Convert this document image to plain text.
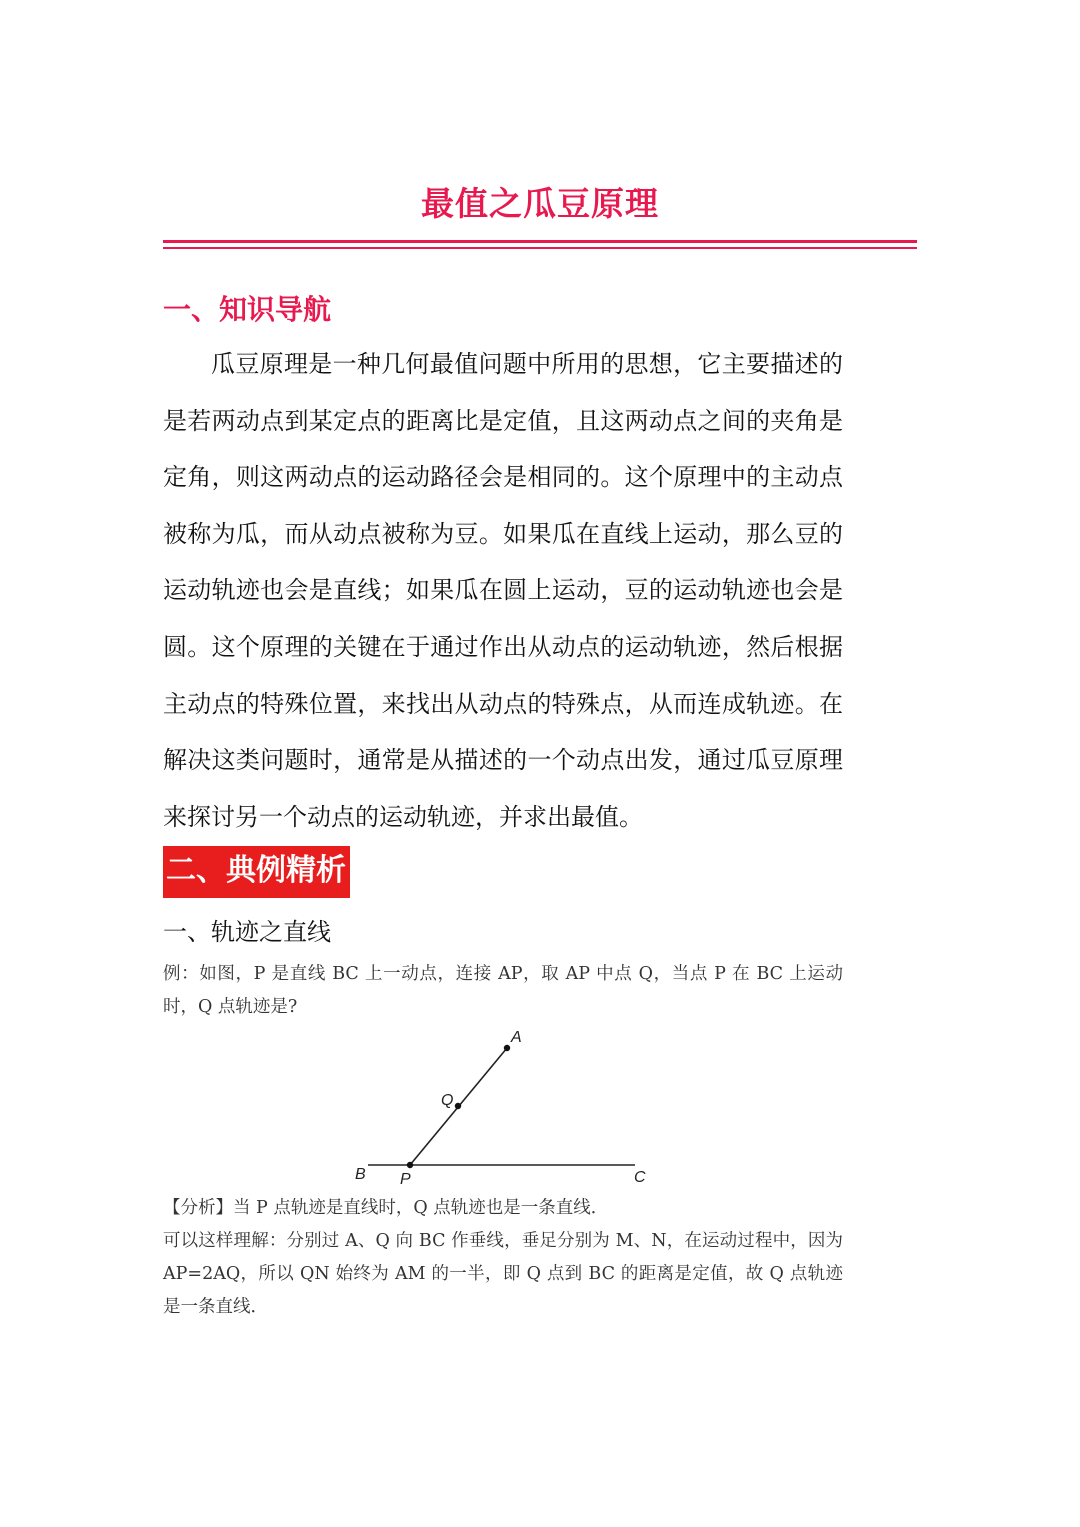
最值之瓜豆原理
一、知识导航
瓜豆原理是一种几何最值问题中所用的思想，它主要描述的是若两动点到某定点的距离比是定值，且这两动点之间的夹角是定角，则这两动点的运动路径会是相同的。这个原理中的主动点被称为瓜，而从动点被称为豆。如果瓜在直线上运动，那么豆的运动轨迹也会是直线；如果瓜在圆上运动，豆的运动轨迹也会是圆。这个原理的关键在于通过作出从动点的运动轨迹，然后根据主动点的特殊位置，来找出从动点的特殊点，从而连成轨迹。在解决这类问题时，通常是从描述的一个动点出发，通过瓜豆原理来探讨另一个动点的运动轨迹，并求出最值。
二、典例精析
一、轨迹之直线

例：如图，P 是直线 BC 上一动点，连接 AP，取 AP 中点 Q，当点 P 在 BC 上运动时，Q 点轨迹是?

A
Q
B P	C

【分析】当 P 点轨迹是直线时，Q 点轨迹也是一条直线．

可以这样理解：分别过 A、Q 向 BC 作垂线，垂足分别为 M、N，在运动过程中，因为 AP=2AQ，所以 QN 始终为 AM 的一半，即 Q 点到 BC 的距离是定值，故 Q 点轨迹是一条直线．
